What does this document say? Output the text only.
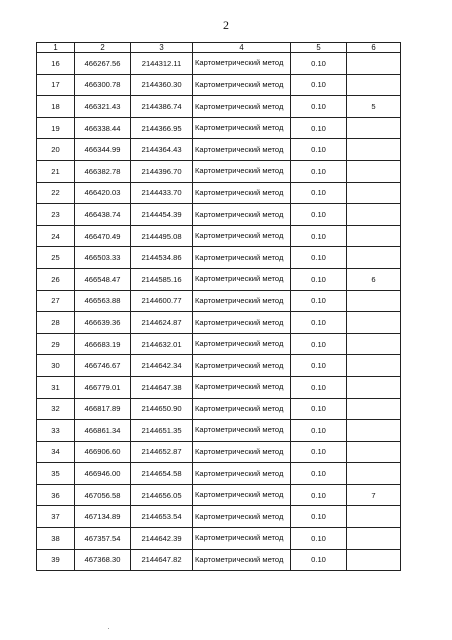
2
1	2	3	4	5	6
16	466267.56	2144312.11	Картометрический метод	0.10	
17	466300.78	2144360.30	Картометрический метод	0.10	
18	466321.43	2144386.74	Картометрический метод	0.10	5
19	466338.44	2144366.95	Картометрический метод	0.10	
20	466344.99	2144364.43	Картометрический метод	0.10	
21	466382.78	2144396.70	Картометрический метод	0.10	
22	466420.03	2144433.70	Картометрический метод	0.10	
23	466438.74	2144454.39	Картометрический метод	0.10	
24	466470.49	2144495.08	Картометрический метод	0.10	
25	466503.33	2144534.86	Картометрический метод	0.10	
26	466548.47	2144585.16	Картометрический метод	0.10	6
27	466563.88	2144600.77	Картометрический метод	0.10	
28	466639.36	2144624.87	Картометрический метод	0.10	
29	466683.19	2144632.01	Картометрический метод	0.10	
30	466746.67	2144642.34	Картометрический метод	0.10	
31	466779.01	2144647.38	Картометрический метод	0.10	
32	466817.89	2144650.90	Картометрический метод	0.10	
33	466861.34	2144651.35	Картометрический метод	0.10	
34	466906.60	2144652.87	Картометрический метод	0.10	
35	466946.00	2144654.58	Картометрический метод	0.10	
36	467056.58	2144656.05	Картометрический метод	0.10	7
37	467134.89	2144653.54	Картометрический метод	0.10	
38	467357.54	2144642.39	Картометрический метод	0.10	
39	467368.30	2144647.82	Картометрический метод	0.10	
